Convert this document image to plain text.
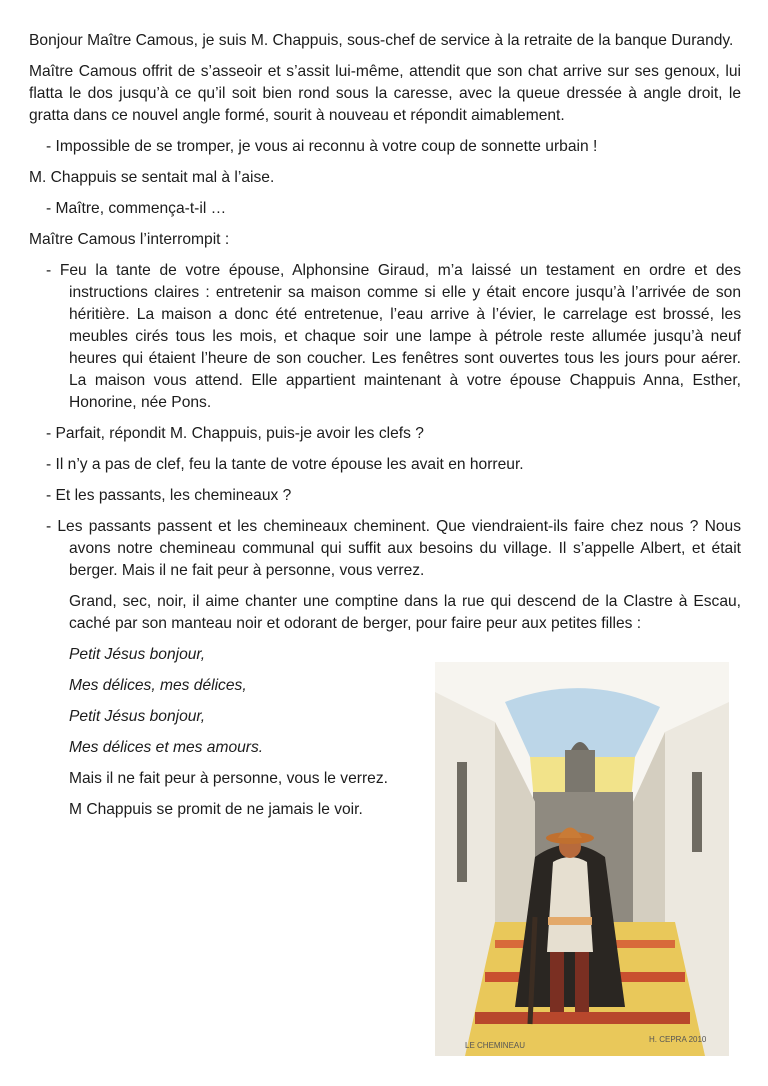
Bonjour Maître Camous, je suis M. Chappuis, sous-chef de service à la retraite de la banque Durandy.

Maître Camous offrit de s’asseoir et s’assit lui-même, attendit que son chat arrive sur ses genoux, lui flatta le dos jusqu’à ce qu’il soit bien rond sous la caresse, avec la queue dressée à angle droit, le gratta dans ce nouvel angle formé, sourit à nouveau et répondit aimablement.

- Impossible de se tromper, je vous ai reconnu à votre coup de sonnette urbain !

M. Chappuis se sentait mal à l’aise.

- Maître, commença-t-il …

Maître Camous l’interrompit :

- Feu la tante de votre épouse, Alphonsine Giraud, m’a laissé un testament en ordre et des instructions claires : entretenir sa maison comme si elle y était encore jusqu’à l’arrivée de son héritière. La maison a donc été entretenue, l’eau arrive à l’évier, le carrelage est brossé, les meubles cirés tous les mois, et chaque soir une lampe à pétrole reste allumée jusqu’à neuf heures qui étaient l’heure de son coucher. Les fenêtres sont ouvertes tous les jours pour aérer. La maison vous attend. Elle appartient maintenant à votre épouse Chappuis Anna, Esther, Honorine, née Pons.

- Parfait, répondit M. Chappuis, puis-je avoir les clefs ?

- Il n’y a pas de clef, feu la tante de votre épouse les avait en horreur.

- Et les passants, les chemineaux ?

- Les passants passent et les chemineaux cheminent. Que viendraient-ils faire chez nous ? Nous avons notre chemineau communal qui suffit aux besoins du village. Il s’appelle Albert, et était berger. Mais il ne fait peur à personne, vous verrez.

Grand, sec, noir, il aime chanter une comptine dans la rue qui descend de la Clastre à Escau, caché par son manteau noir et odorant de berger, pour faire peur aux petites filles :

Petit Jésus bonjour,

Mes délices, mes délices,

Petit Jésus bonjour,

Mes délices et mes amours.

Mais il ne fait peur à personne, vous le verrez.

M Chappuis se promit de ne jamais le voir.

LE CHEMINEAU
H. CEPRA 2010
